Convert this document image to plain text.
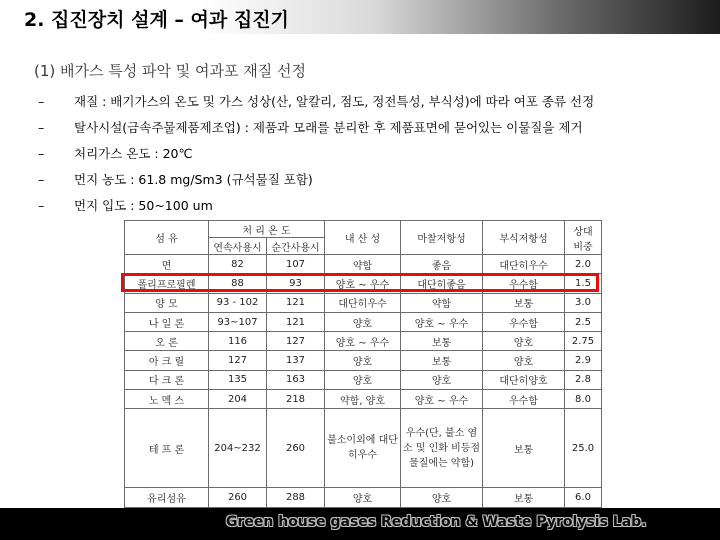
2. 집진장치 설계 – 여과 집진기
(1) 배가스 특성 파악 및 여과포 재질 선정
– 재질 : 배기가스의 온도 및 가스 성상(산, 알칼리, 점도, 정전특성, 부식성)에 따라 여포 종류 선정
– 탈사시설(금속주물제품제조업) : 제품과 모래를 분리한 후 제품표면에 묻어있는 이물질을 제거
– 처리가스 온도 : 20℃
– 먼지 농도 : 61.8 mg/Sm3 (규석물질 포함)
– 먼지 입도 : 50~100 um
섬 유	처 리 온 도		내 산 성	마찰저항성	부식저항성	상대
비중
	연속사용시	순간사용시				
면	82	107	약함	좋음	대단히우수	2.0
폴리프로필렌	88	93	양호 ~ 우수	대단히좋음	우수함	1.5
양 모	93 - 102	121	대단히우수	약함	보통	3.0
나 일 론	93~107	121	양호	양호 ~ 우수	우수함	2.5
오 론	116	127	양호 ~ 우수	보통	양호	2.75
아 크 릴	127	137	양호	보통	양호	2.9
다 크 론	135	163	양호	양호	대단히양호	2.8
노 멕 스	204	218	약함, 양호	양호 ~ 우수	우수함	8.0
테 프 론	204~232	260	불소이외에 대단히우수	우수(단, 불소 염소 및 인화 비등점 물질에는 약함)	보통	25.0
유리섬유	260	288	양호	양호	보통	6.0
Green house gases Reduction & Waste Pyrolysis Lab.
